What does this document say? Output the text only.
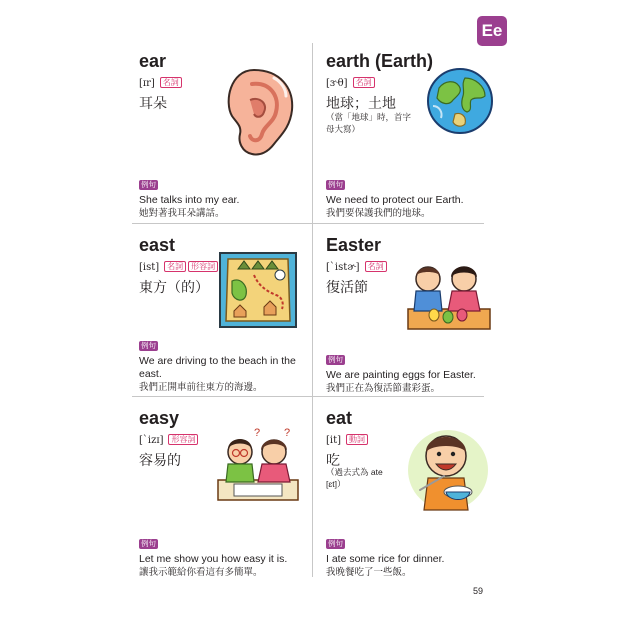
Ee
ear
[ɪr] 名詞
耳朵
例句
She talks into my ear.
她對著我耳朵講話。
earth (Earth)
[ɝθ] 名詞
地球；土地
（當「地球」時，首字母大寫）
例句
We need to protect our Earth.
我們要保護我們的地球。
east
[ist] 名詞 形容詞
東方（的）
例句
We are driving to the beach in the east.
我們正開車前往東方的海邊。
Easter
[ˋistɚ] 名詞
復活節
例句
We are painting eggs for Easter.
我們正在為復活節畫彩蛋。
easy
[ˋizɪ] 形容詞
容易的
? ?
例句
Let me show you how easy it is.
讓我示範給你看這有多簡單。
eat
[it] 動詞
吃
（過去式為 ate [ɛt]）
例句
I ate some rice for dinner.
我晚餐吃了一些飯。
59
